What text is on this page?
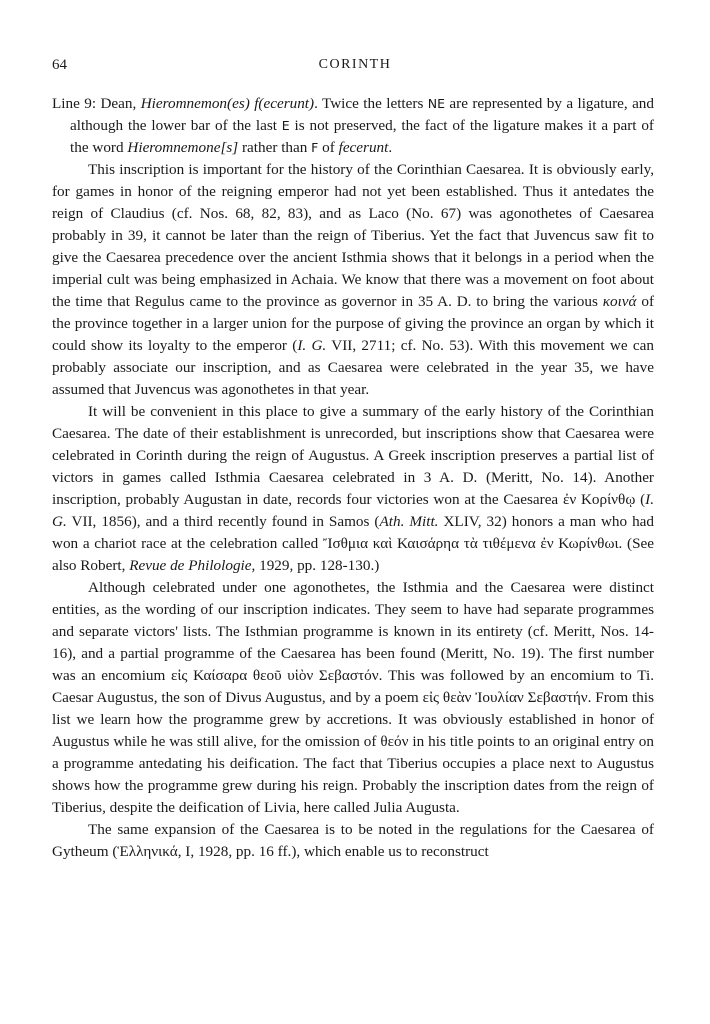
64	CORINTH

Line 9: Dean, Hieromnemon(es) f(ecerunt). Twice the letters NE are represented by a ligature, and although the lower bar of the last E is not preserved, the fact of the ligature makes it a part of the word Hieromnemone[s] rather than F of fecerunt.

This inscription is important for the history of the Corinthian Caesarea. It is obviously early, for games in honor of the reigning emperor had not yet been established. Thus it antedates the reign of Claudius (cf. Nos. 68, 82, 83), and as Laco (No. 67) was agonothetes of Caesarea probably in 39, it cannot be later than the reign of Tiberius. Yet the fact that Juvencus saw fit to give the Caesarea precedence over the ancient Isthmia shows that it belongs in a period when the imperial cult was being emphasized in Achaia. We know that there was a movement on foot about the time that Regulus came to the province as governor in 35 A. D. to bring the various κοινά of the province together in a larger union for the purpose of giving the province an organ by which it could show its loyalty to the emperor (I. G. VII, 2711; cf. No. 53). With this movement we can probably associate our inscription, and as Caesarea were celebrated in the year 35, we have assumed that Juvencus was agonothetes in that year.

It will be convenient in this place to give a summary of the early history of the Corinthian Caesarea. The date of their establishment is unrecorded, but inscriptions show that Caesarea were celebrated in Corinth during the reign of Augustus. A Greek inscription preserves a partial list of victors in games called Isthmia Caesarea celebrated in 3 A. D. (Meritt, No. 14). Another inscription, probably Augustan in date, records four victories won at the Caesarea ἐν Κορίνθῳ (I. G. VII, 1856), and a third recently found in Samos (Ath. Mitt. XLIV, 32) honors a man who had won a chariot race at the celebration called Ἴσθμια καὶ Καισάρηα τὰ τιθέμενα ἐν Κωρίνθωι. (See also Robert, Revue de Philologie, 1929, pp. 128-130.)

Although celebrated under one agonothetes, the Isthmia and the Caesarea were distinct entities, as the wording of our inscription indicates. They seem to have had separate programmes and separate victors' lists. The Isthmian programme is known in its entirety (cf. Meritt, Nos. 14-16), and a partial programme of the Caesarea has been found (Meritt, No. 19). The first number was an encomium εἰς Καίσαρα θεοῦ υἱὸν Σεβαστόν. This was followed by an encomium to Ti. Caesar Augustus, the son of Divus Augustus, and by a poem εἰς θεὰν Ἰουλίαν Σεβαστήν. From this list we learn how the programme grew by accretions. It was obviously established in honor of Augustus while he was still alive, for the omission of θεόν in his title points to an original entry on a programme antedating his deification. The fact that Tiberius occupies a place next to Augustus shows how the programme grew during his reign. Probably the inscription dates from the reign of Tiberius, despite the deification of Livia, here called Julia Augusta.

The same expansion of the Caesarea is to be noted in the regulations for the Caesarea of Gytheum (Ἑλληνικά, I, 1928, pp. 16 ff.), which enable us to reconstruct
